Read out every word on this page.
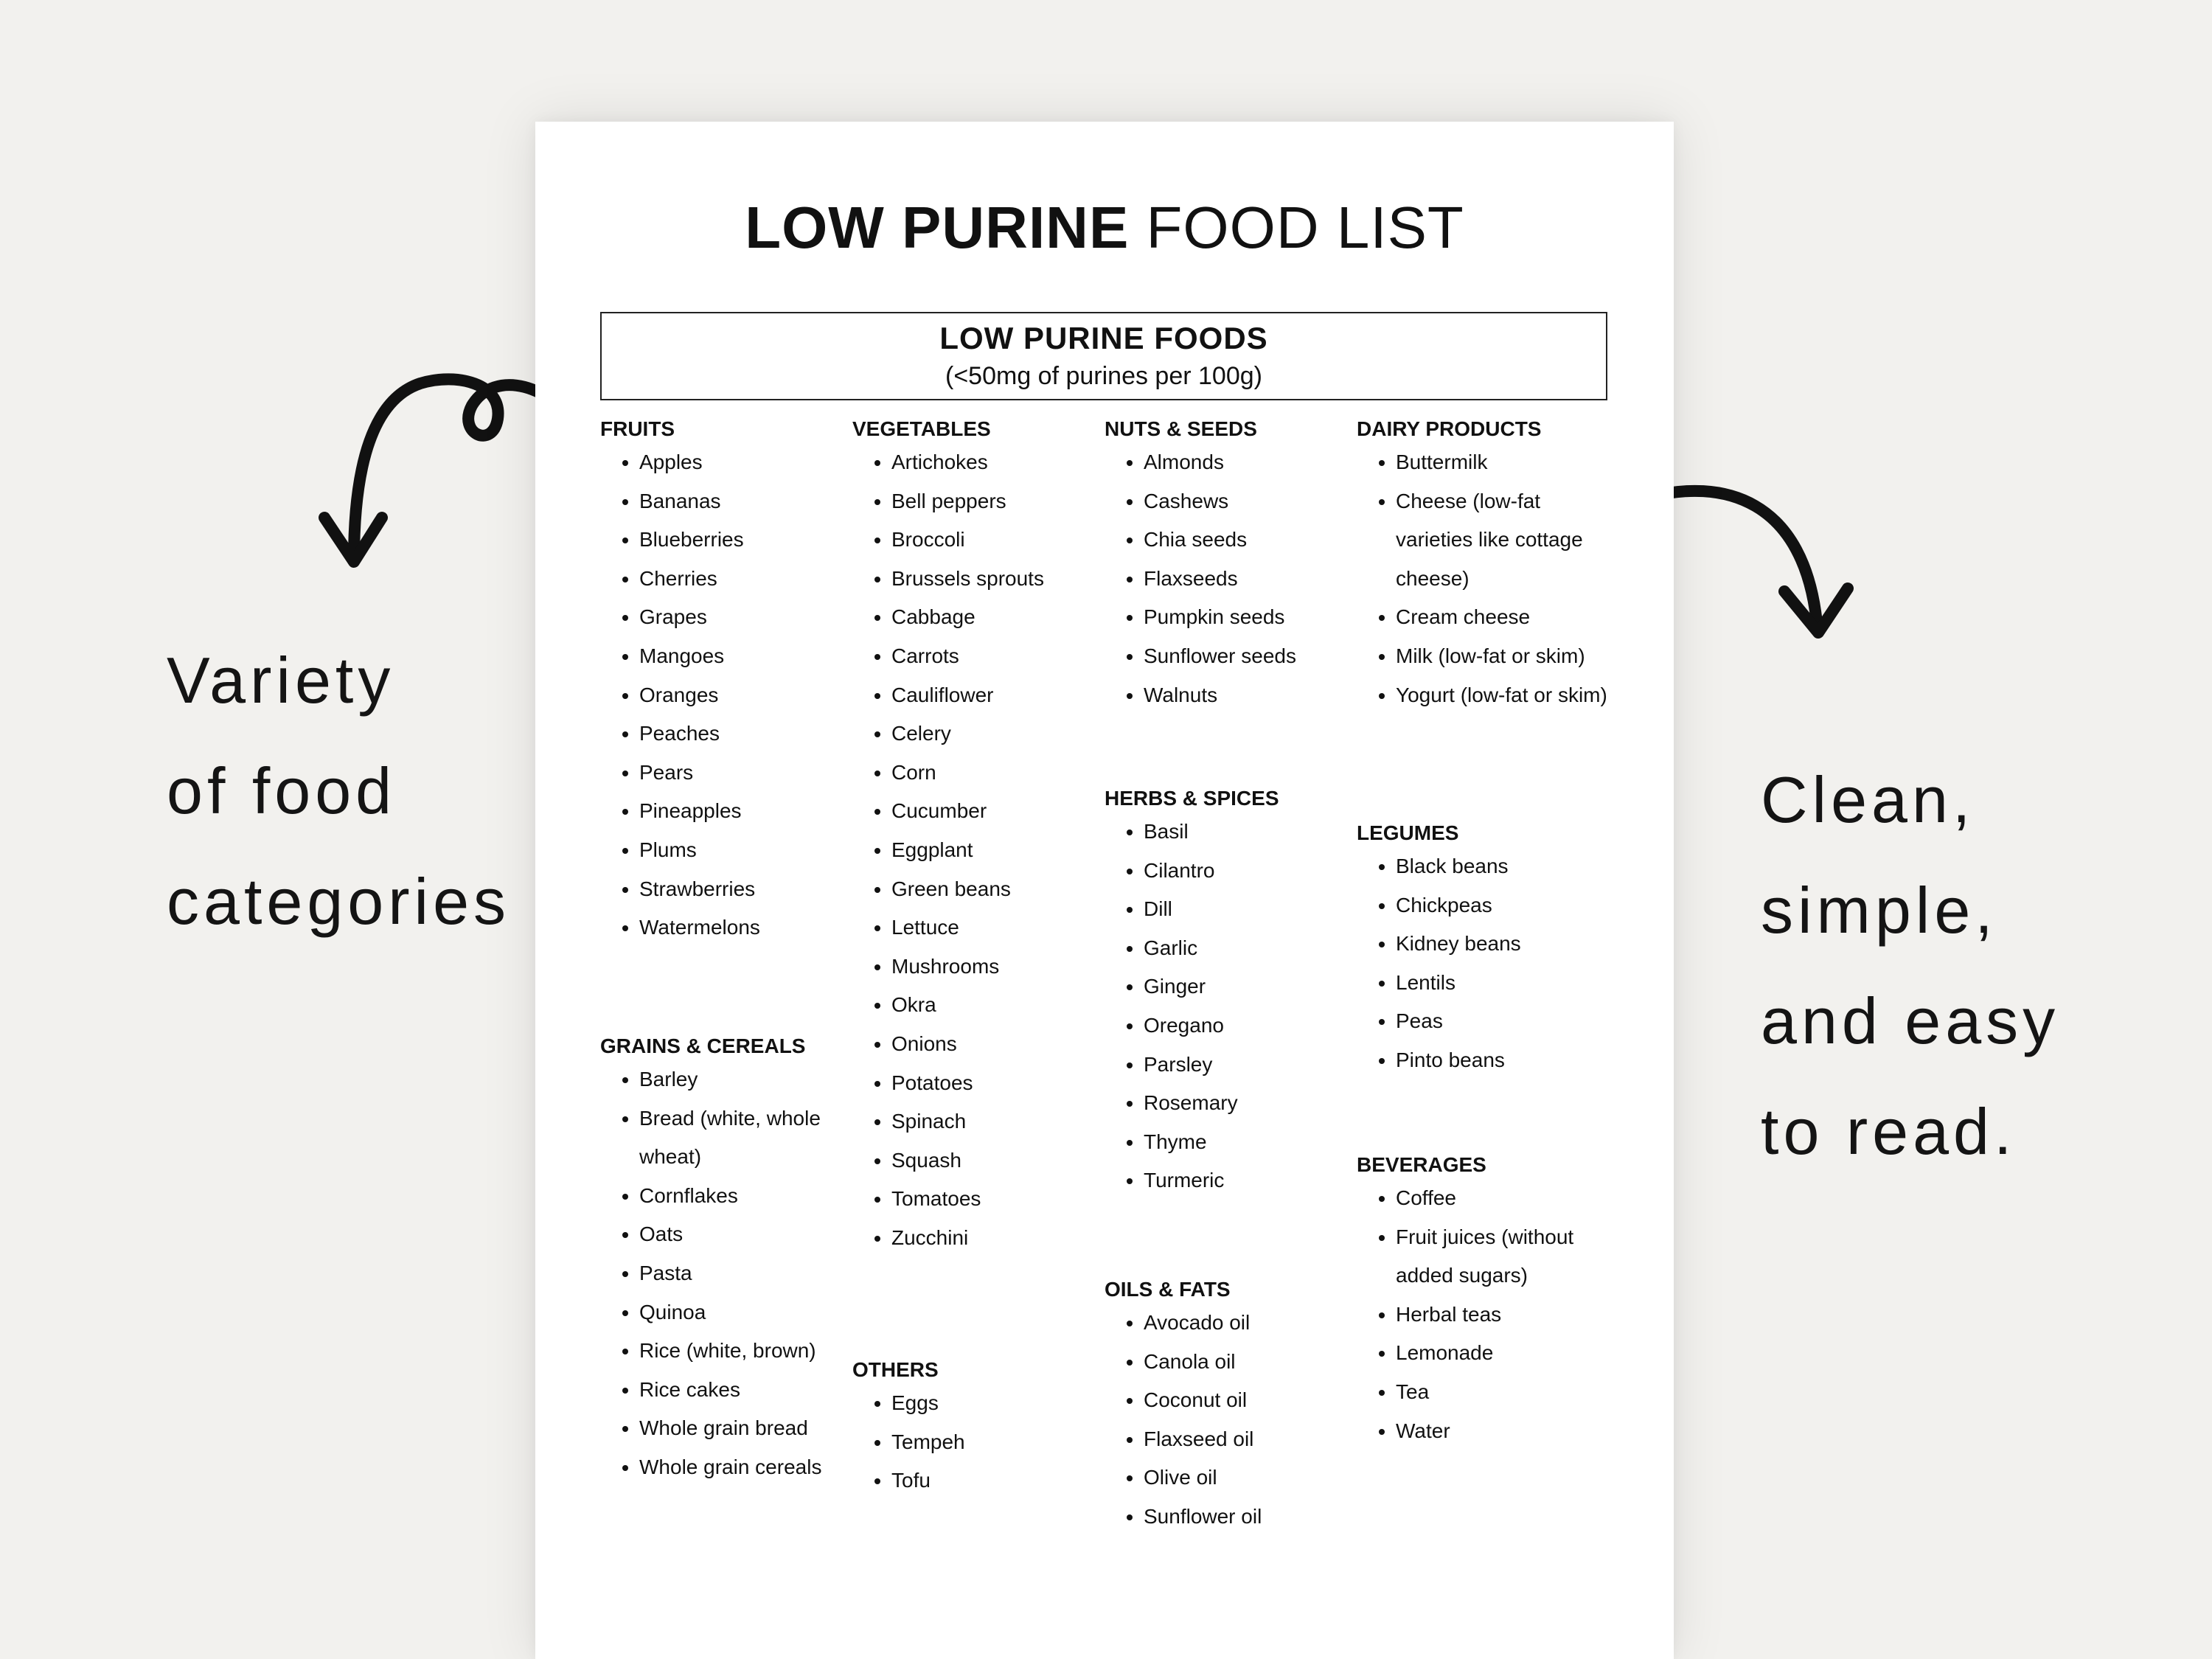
Variety
of food
categories
Clean,
simple,
and easy
to read.
LOW PURINE FOOD LIST
LOW PURINE FOODS
(<50mg of purines per 100g)
FRUITS
• Apples
• Bananas
• Blueberries
• Cherries
• Grapes
• Mangoes
• Oranges
• Peaches
• Pears
• Pineapples
• Plums
• Strawberries
• Watermelons
GRAINS & CEREALS
• Barley
• Bread (white, whole wheat)
• Cornflakes
• Oats
• Pasta
• Quinoa
• Rice (white, brown)
• Rice cakes
• Whole grain bread
• Whole grain cereals
VEGETABLES
• Artichokes
• Bell peppers
• Broccoli
• Brussels sprouts
• Cabbage
• Carrots
• Cauliflower
• Celery
• Corn
• Cucumber
• Eggplant
• Green beans
• Lettuce
• Mushrooms
• Okra
• Onions
• Potatoes
• Spinach
• Squash
• Tomatoes
• Zucchini
OTHERS
• Eggs
• Tempeh
• Tofu
NUTS & SEEDS
• Almonds
• Cashews
• Chia seeds
• Flaxseeds
• Pumpkin seeds
• Sunflower seeds
• Walnuts
HERBS & SPICES
• Basil
• Cilantro
• Dill
• Garlic
• Ginger
• Oregano
• Parsley
• Rosemary
• Thyme
• Turmeric
OILS & FATS
• Avocado oil
• Canola oil
• Coconut oil
• Flaxseed oil
• Olive oil
• Sunflower oil
DAIRY PRODUCTS
• Buttermilk
• Cheese (low-fat varieties like cottage cheese)
• Cream cheese
• Milk (low-fat or skim)
• Yogurt (low-fat or skim)
LEGUMES
• Black beans
• Chickpeas
• Kidney beans
• Lentils
• Peas
• Pinto beans
BEVERAGES
• Coffee
• Fruit juices (without added sugars)
• Herbal teas
• Lemonade
• Tea
• Water
